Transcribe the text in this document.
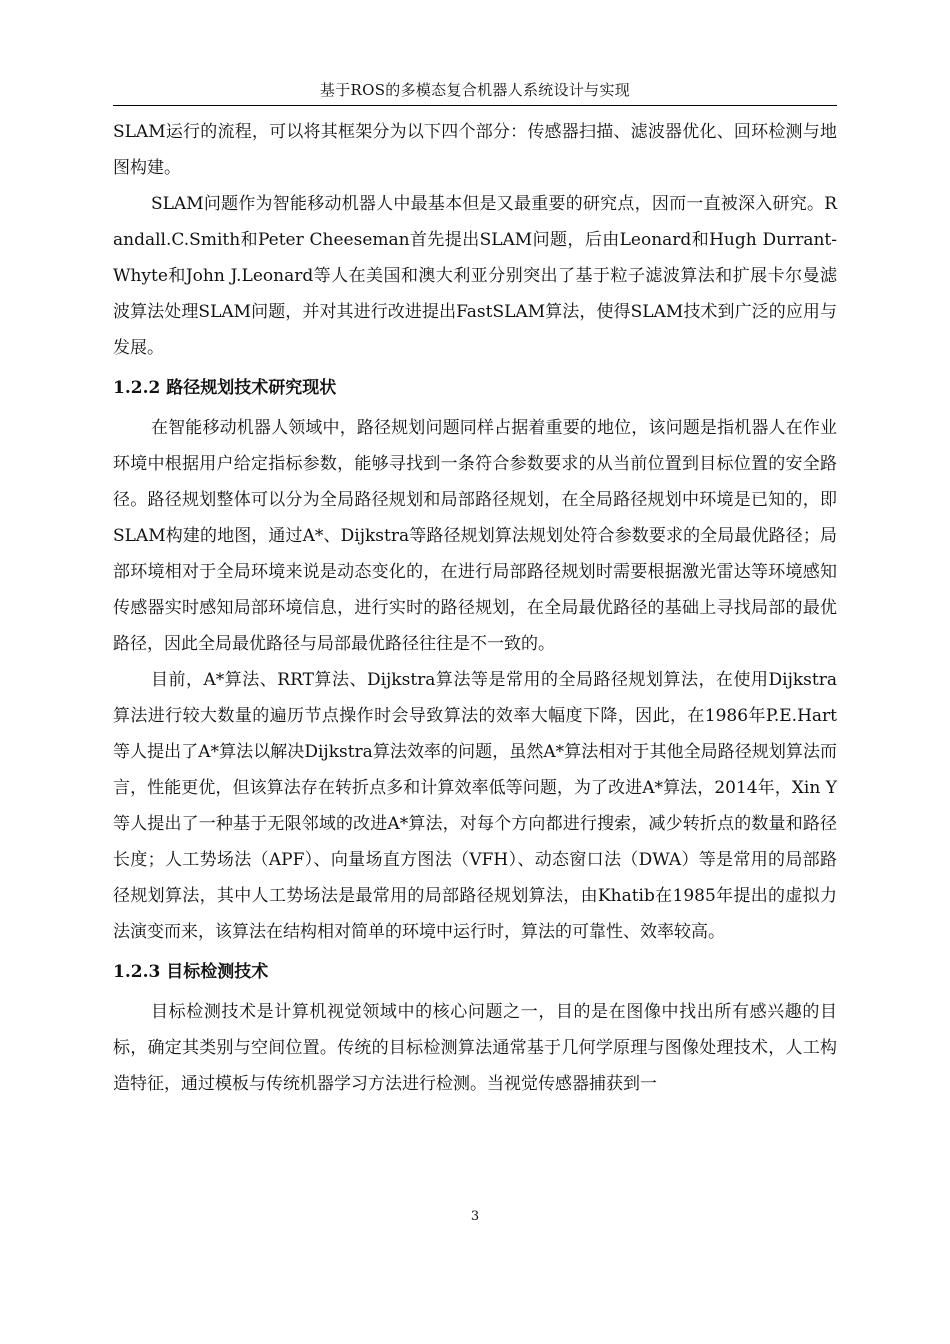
基于ROS的多模态复合机器人系统设计与实现

SLAM运行的流程，可以将其框架分为以下四个部分：传感器扫描、滤波器优化、回环检测与地图构建。

SLAM问题作为智能移动机器人中最基本但是又最重要的研究点，因而一直被深入研究。Randall.C.Smith和Peter Cheeseman首先提出SLAM问题，后由Leonard和Hugh Durrant-Whyte和John J.Leonard等人在美国和澳大利亚分别突出了基于粒子滤波算法和扩展卡尔曼滤波算法处理SLAM问题，并对其进行改进提出FastSLAM算法，使得SLAM技术到广泛的应用与发展。

1.2.2 路径规划技术研究现状

在智能移动机器人领域中，路径规划问题同样占据着重要的地位，该问题是指机器人在作业环境中根据用户给定指标参数，能够寻找到一条符合参数要求的从当前位置到目标位置的安全路径。路径规划整体可以分为全局路径规划和局部路径规划，在全局路径规划中环境是已知的，即SLAM构建的地图，通过A*、Dijkstra等路径规划算法规划处符合参数要求的全局最优路径；局部环境相对于全局环境来说是动态变化的，在进行局部路径规划时需要根据激光雷达等环境感知传感器实时感知局部环境信息，进行实时的路径规划，在全局最优路径的基础上寻找局部的最优路径，因此全局最优路径与局部最优路径往往是不一致的。

目前，A*算法、RRT算法、Dijkstra算法等是常用的全局路径规划算法，在使用Dijkstra算法进行较大数量的遍历节点操作时会导致算法的效率大幅度下降，因此，在1986年P.E.Hart等人提出了A*算法以解决Dijkstra算法效率的问题，虽然A*算法相对于其他全局路径规划算法而言，性能更优，但该算法存在转折点多和计算效率低等问题，为了改进A*算法，2014年，Xin Y等人提出了一种基于无限邻域的改进A*算法，对每个方向都进行搜索，减少转折点的数量和路径长度；人工势场法（APF）、向量场直方图法（VFH）、动态窗口法（DWA）等是常用的局部路径规划算法，其中人工势场法是最常用的局部路径规划算法，由Khatib在1985年提出的虚拟力法演变而来，该算法在结构相对简单的环境中运行时，算法的可靠性、效率较高。

1.2.3 目标检测技术

目标检测技术是计算机视觉领域中的核心问题之一，目的是在图像中找出所有感兴趣的目标，确定其类别与空间位置。传统的目标检测算法通常基于几何学原理与图像处理技术，人工构造特征，通过模板与传统机器学习方法进行检测。当视觉传感器捕获到一

3
